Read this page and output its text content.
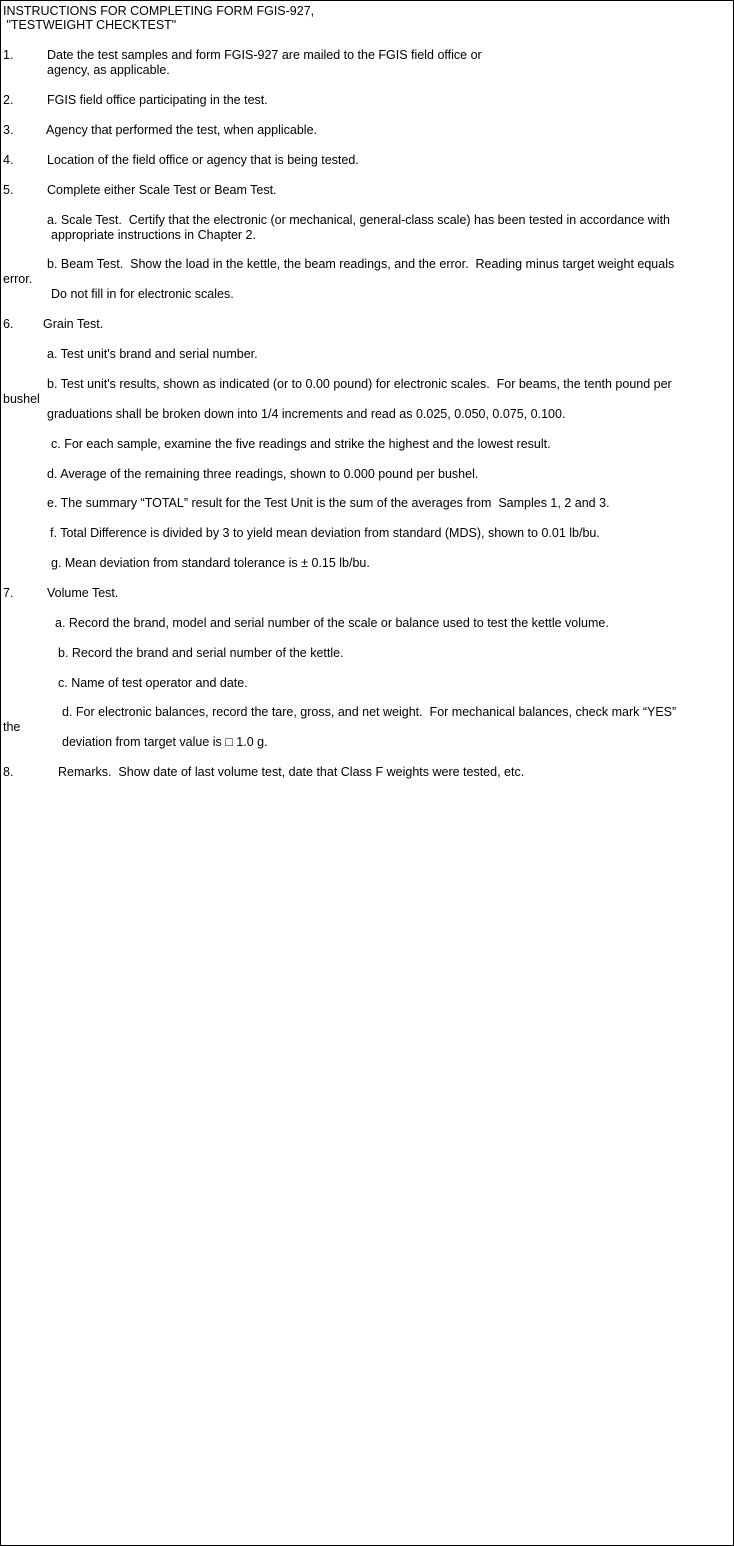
INSTRUCTIONS FOR COMPLETING FORM FGIS-927,
"TESTWEIGHT CHECKTEST"
1.	Date the test samples and form FGIS-927 are mailed to the FGIS field office or
agency, as applicable.
2.	FGIS field office participating in the test.
3.	Agency that performed the test, when applicable.
4.	Location of the field office or agency that is being tested.
5.	Complete either Scale Test or Beam Test.
a. Scale Test.  Certify that the electronic (or mechanical, general-class scale) has been tested in accordance with
appropriate instructions in Chapter 2.
b. Beam Test.  Show the load in the kettle, the beam readings, and the error.  Reading minus target weight equals
error.
Do not fill in for electronic scales.
6. Grain Test.
a. Test unit's brand and serial number.
b. Test unit's results, shown as indicated (or to 0.00 pound) for electronic scales.  For beams, the tenth pound per
bushel
graduations shall be broken down into 1/4 increments and read as 0.025, 0.050, 0.075, 0.100.
c. For each sample, examine the five readings and strike the highest and the lowest result.
d. Average of the remaining three readings, shown to 0.000 pound per bushel.
e. The summary “TOTAL” result for the Test Unit is the sum of the averages from  Samples 1, 2 and 3.
f. Total Difference is divided by 3 to yield mean deviation from standard (MDS), shown to 0.01 lb/bu.
g. Mean deviation from standard tolerance is ± 0.15 lb/bu.
7.	Volume Test.
a. Record the brand, model and serial number of the scale or balance used to test the kettle volume.
b. Record the brand and serial number of the kettle.
c. Name of test operator and date.
d. For electronic balances, record the tare, gross, and net weight.  For mechanical balances, check mark “YES”
the
deviation from target value is □ 1.0 g.
8.	Remarks.  Show date of last volume test, date that Class F weights were tested, etc.
